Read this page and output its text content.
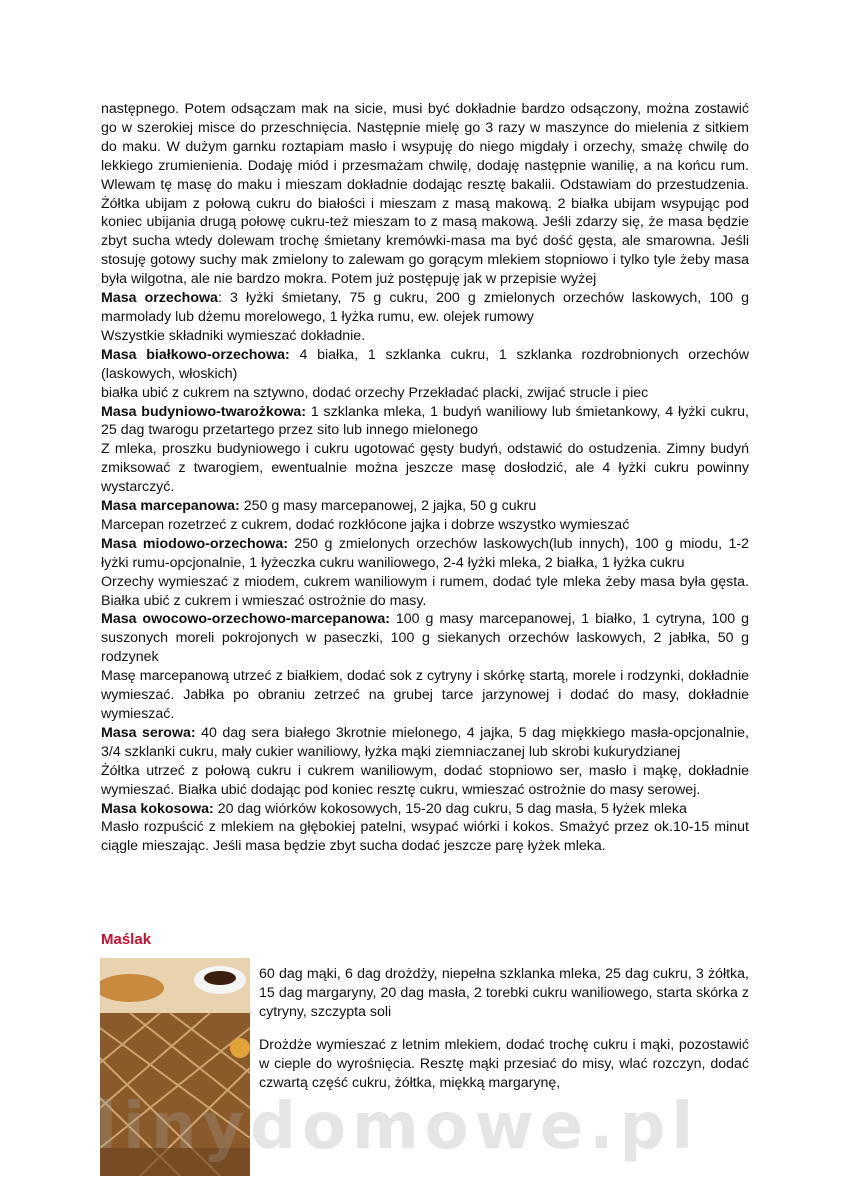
następnego. Potem odsączam mak na sicie, musi być dokładnie bardzo odsączony, można zostawić go w szerokiej misce do przeschnięcia. Następnie mielę go 3 razy w maszynce do mielenia z sitkiem do maku. W dużym garnku roztapiam masło i wsypuję do niego migdały i orzechy, smażę chwilę do lekkiego zrumienienia. Dodaję miód i przesmażam chwilę, dodaję następnie wanilię, a na końcu rum. Wlewam tę masę do maku i mieszam dokładnie dodając resztę bakalii. Odstawiam do przestudzenia. Żółtka ubijam z połową cukru do białości i mieszam z masą makową. 2 białka ubijam wsypując pod koniec ubijania drugą połowę cukru-też mieszam to z masą makową. Jeśli zdarzy się, że masa będzie zbyt sucha wtedy dolewam trochę śmietany kremówki-masa ma być dość gęsta, ale smarowna. Jeśli stosuję gotowy suchy mak zmielony to zalewam go gorącym mlekiem stopniowo i tylko tyle żeby masa była wilgotna, ale nie bardzo mokra. Potem już postępuję jak w przepisie wyżej

Masa orzechowa: 3 łyżki śmietany, 75 g cukru, 200 g zmielonych orzechów laskowych, 100 g marmolady lub dżemu morelowego, 1 łyżka rumu, ew. olejek rumowy

Wszystkie składniki wymieszać dokładnie.

Masa białkowo-orzechowa: 4 białka, 1 szklanka cukru, 1 szklanka rozdrobnionych orzechów (laskowych, włoskich)

białka ubić z cukrem na sztywno, dodać orzechy Przekładać placki, zwijać strucle i piec

Masa budyniowo-twarożkowa: 1 szklanka mleka, 1 budyń waniliowy lub śmietankowy, 4 łyżki cukru, 25 dag twarogu przetartego przez sito lub innego mielonego

Z mleka, proszku budyniowego i cukru ugotować gęsty budyń, odstawić do ostudzenia. Zimny budyń zmiksować z twarogiem, ewentualnie można jeszcze masę dosłodzić, ale 4 łyżki cukru powinny wystarczyć.

Masa marcepanowa: 250 g masy marcepanowej, 2 jajka, 50 g cukru

Marcepan rozetrzeć z cukrem, dodać rozkłócone jajka i dobrze wszystko wymieszać

Masa miodowo-orzechowa: 250 g zmielonych orzechów laskowych(lub innych), 100 g miodu, 1-2 łyżki rumu-opcjonalnie, 1 łyżeczka cukru waniliowego, 2-4 łyżki mleka, 2 białka, 1 łyżka cukru

Orzechy wymieszać z miodem, cukrem waniliowym i rumem, dodać tyle mleka żeby masa była gęsta. Białka ubić z cukrem i wmieszać ostrożnie do masy.

Masa owocowo-orzechowo-marcepanowa: 100 g masy marcepanowej, 1 białko, 1 cytryna, 100 g suszonych moreli pokrojonych w paseczki, 100 g siekanych orzechów laskowych, 2 jabłka, 50 g rodzynek

Masę marcepanową utrzeć z białkiem, dodać sok z cytryny i skórkę startą, morele i rodzynki, dokładnie wymieszać. Jabłka po obraniu zetrzeć na grubej tarce jarzynowej i dodać do masy, dokładnie wymieszać.

Masa serowa: 40 dag sera białego 3krotnie mielonego, 4 jajka, 5 dag miękkiego masła-opcjonalnie, 3/4 szklanki cukru, mały cukier waniliowy, łyżka mąki ziemniaczanej lub skrobi kukurydzianej

Żółtka utrzeć z połową cukru i cukrem waniliowym, dodać stopniowo ser, masło i mąkę, dokładnie wymieszać. Białka ubić dodając pod koniec resztę cukru, wmieszać ostrożnie do masy serowej.

Masa kokosowa: 20 dag wiórków kokosowych, 15-20 dag cukru, 5 dag masła, 5 łyżek mleka

Masło rozpuścić z mlekiem na głębokiej patelni, wsypać wiórki i kokos. Smażyć przez ok.10-15 minut ciągle mieszając. Jeśli masa będzie zbyt sucha dodać jeszcze parę łyżek mleka.

Maślak

60 dag mąki, 6 dag drożdży, niepełna szklanka mleka, 25 dag cukru, 3 żółtka, 15 dag margaryny, 20 dag masła, 2 torebki cukru waniliowego, starta skórka z cytryny, szczypta soli

Drożdże wymieszać z letnim mlekiem, dodać trochę cukru i mąki, pozostawić w cieple do wyrośnięcia. Resztę mąki przesiać do misy, wlać rozczyn, dodać czwartą część cukru, żółtka, miękką margarynę,

linydomowe.pl
